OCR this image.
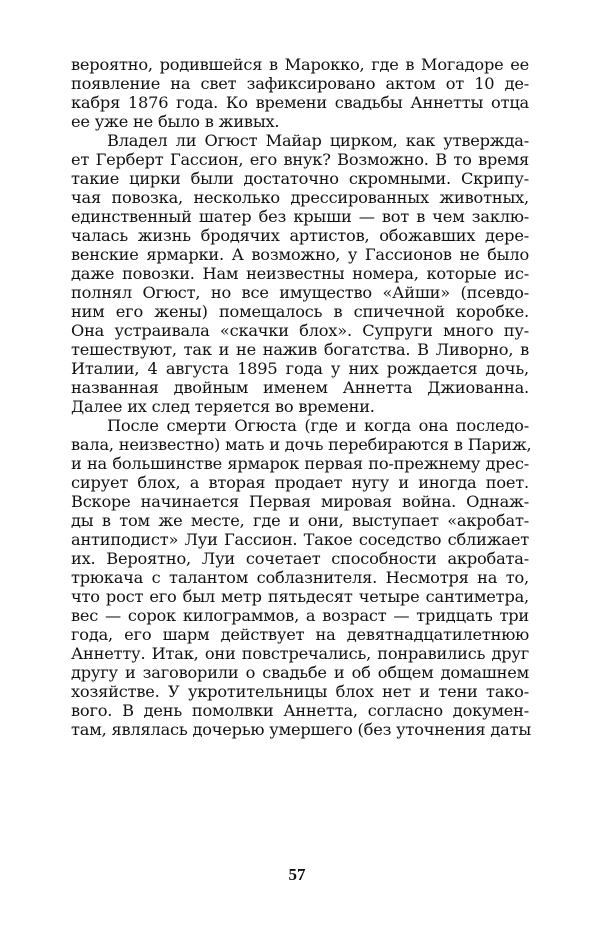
вероятно, родившейся в Марокко, где в Могадоре ее
появление на свет зафиксировано актом от 10 де-
кабря 1876 года. Ко времени свадьбы Аннетты отца
ее уже не было в живых.
Владел ли Огюст Майар цирком, как утвержда-
ет Герберт Гассион, его внук? Возможно. В то время
такие цирки были достаточно скромными. Скрипу-
чая повозка, несколько дрессированных животных,
единственный шатер без крыши — вот в чем заклю-
чалась жизнь бродячих артистов, обожавших дере-
венские ярмарки. А возможно, у Гассионов не было
даже повозки. Нам неизвестны номера, которые ис-
полнял Огюст, но все имущество «Айши» (псевдо-
ним его жены) помещалось в спичечной коробке.
Она устраивала «скачки блох». Супруги много пу-
тешествуют, так и не нажив богатства. В Ливорно, в
Италии, 4 августа 1895 года у них рождается дочь,
названная двойным именем Аннетта Джиованна.
Далее их след теряется во времени.
После смерти Огюста (где и когда она последо-
вала, неизвестно) мать и дочь перебираются в Париж,
и на большинстве ярмарок первая по-прежнему дрес-
сирует блох, а вторая продает нугу и иногда поет.
Вскоре начинается Первая мировая война. Однаж-
ды в том же месте, где и они, выступает «акробат-
антиподист» Луи Гассион. Такое соседство сближает
их. Вероятно, Луи сочетает способности акробата-
трюкача с талантом соблазнителя. Несмотря на то,
что рост его был метр пятьдесят четыре сантиметра,
вес — сорок килограммов, а возраст — тридцать три
года, его шарм действует на девятнадцатилетнюю
Аннетту. Итак, они повстречались, понравились друг
другу и заговорили о свадьбе и об общем домашнем
хозяйстве. У укротительницы блох нет и тени тако-
вого. В день помолвки Аннетта, согласно докумен-
там, являлась дочерью умершего (без уточнения даты
57
